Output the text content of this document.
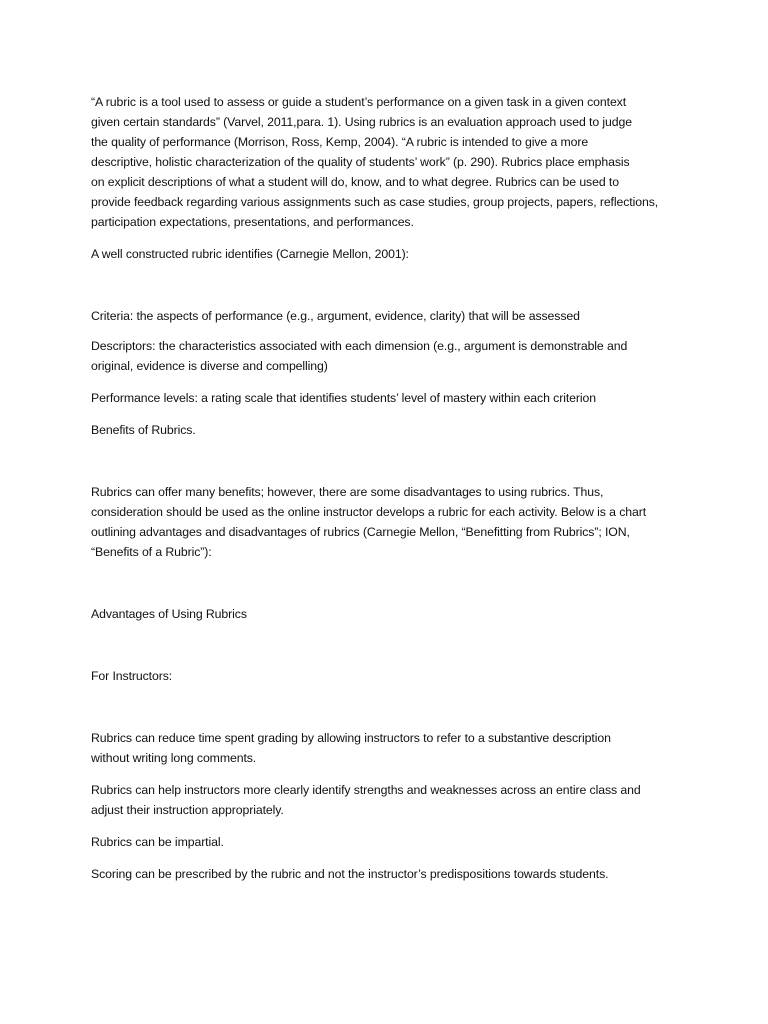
“A rubric is a tool used to assess or guide a student’s performance on a given task in a given context
given certain standards” (Varvel, 2011,para. 1). Using rubrics is an evaluation approach used to judge
the quality of performance (Morrison, Ross, Kemp, 2004). “A rubric is intended to give a more
descriptive, holistic characterization of the quality of students’ work” (p. 290). Rubrics place emphasis
on explicit descriptions of what a student will do, know, and to what degree. Rubrics can be used to
provide feedback regarding various assignments such as case studies, group projects, papers, reflections,
participation expectations, presentations, and performances.

A well constructed rubric identifies (Carnegie Mellon, 2001):

Criteria: the aspects of performance (e.g., argument, evidence, clarity) that will be assessed

Descriptors: the characteristics associated with each dimension (e.g., argument is demonstrable and
original, evidence is diverse and compelling)

Performance levels: a rating scale that identifies students’ level of mastery within each criterion

Benefits of Rubrics.

Rubrics can offer many benefits; however, there are some disadvantages to using rubrics. Thus,
consideration should be used as the online instructor develops a rubric for each activity. Below is a chart
outlining advantages and disadvantages of rubrics (Carnegie Mellon, “Benefitting from Rubrics”; ION,
“Benefits of a Rubric”):

Advantages of Using Rubrics

For Instructors:

Rubrics can reduce time spent grading by allowing instructors to refer to a substantive description
without writing long comments.

Rubrics can help instructors more clearly identify strengths and weaknesses across an entire class and
adjust their instruction appropriately.

Rubrics can be impartial.

Scoring can be prescribed by the rubric and not the instructor’s predispositions towards students.
